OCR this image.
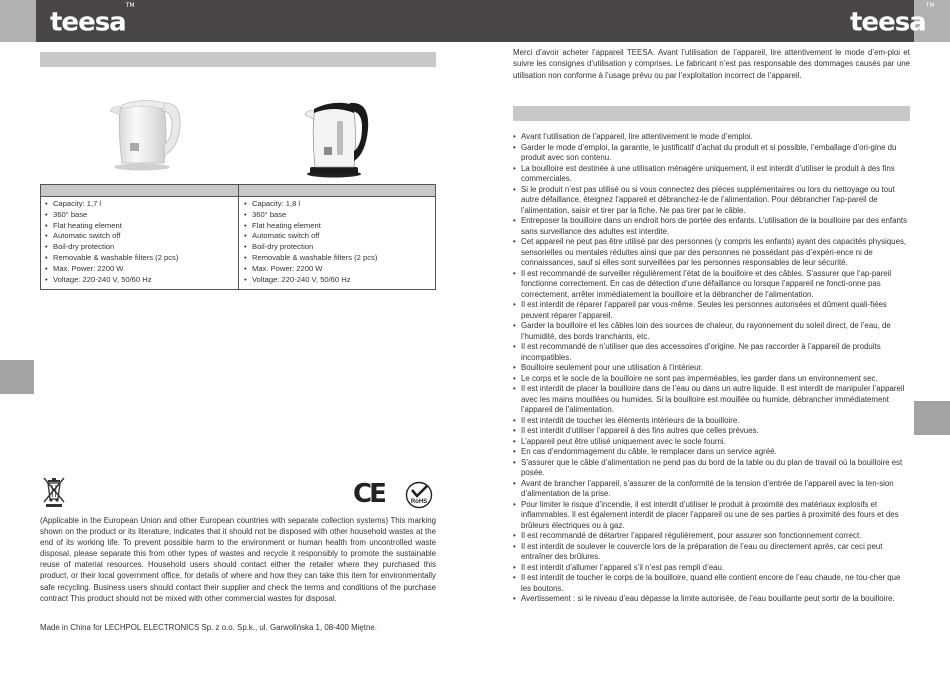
teesa™
teesa™
• Capacity: 1,7 l
• 360° base
• Flat heating element
• Automatic switch off
• Boil-dry protection
• Removable & washable filters (2 pcs)
• Max. Power: 2200 W
• Voltage: 220-240 V, 50/60 Hz
• Capacity: 1,8 l
• 360° base
• Flat heating element
• Automatic switch off
• Boil-dry protection
• Removable & washable filters (2 pcs)
• Max. Power: 2200 W
• Voltage: 220-240 V, 50/60 Hz
CE	RoHS

(Applicable in the European Union and other European countries with separate collection systems) This marking shown on the product or its literature, indicates that it should not be disposed with other household wastes at the end of its working life. To prevent possible harm to the environment or human health from uncontrolled waste disposal, please separate this from other types of wastes and recycle it responsibly to promote the sustainable reuse of material resources. Household users should contact either the retailer where they purchased this product, or their local government office, for details of where and how they can take this item for environmentally safe recycling. Business users should contact their supplier and check the terms and conditions of the purchase contract This product should not be mixed with other commercial wastes for disposal.

Made in China for LECHPOL ELECTRONICS Sp. z o.o. Sp.k., ul. Garwolińska 1, 08-400 Miętne.

Merci d’avoir acheter l’appareil TEESA. Avant l’utilisation de l’appareil, lire attentivement le mode d’em-ploi et suivre les consignes d’utilisation y comprises. Le fabricant n’est pas responsable des dommages causés par une utilisation non conforme à l’usage prévu ou par l’exploitation incorrect de l’appareil.

• Avant l’utilisation de l’appareil, lire attentivement le mode d’emploi.
• Garder le mode d’emploi, la garantie, le justificatif d’achat du produit et si possible, l’emballage d’ori-gine du produit avec son contenu.
• La bouilloire est destinée à une utilisation ménagère uniquement, il est interdit d’utiliser le produit à des fins commerciales.
• Si le produit n’est pas utilisé ou si vous connectez des pièces supplémentaires ou lors du nettoyage ou tout autre défaillance, éteignez l’appareil et débranchez-le de l’alimentation. Pour débrancher l’ap-pareil de l’alimentation, saisir et tirer par la fiche. Ne pas tirer par le câble.
• Entreposer la bouilloire dans un endroit hors de portée des enfants. L’utilisation de la bouilloire par des enfants sans surveillance des adultes est interdite.
• Cet appareil ne peut pas être utilisé par des personnes (y compris les enfants) ayant des capacités physiques, sensorielles ou mentales réduites ainsi que par des personnes ne possédant pas d’expéri-ence ni de connaissances, sauf si elles sont surveillées par les personnes responsables de leur sécurité.
• Il est recommandé de surveiller régulièrement l’état de la bouilloire et des câbles. S’assurer que l’ap-pareil fonctionne correctement. En cas de détection d’une défaillance ou lorsque l’appareil ne foncti-onne pas correctement, arrêter immédiatement la bouilloire et la débrancher de l’alimentation.
• Il est interdit de réparer l’appareil par vous-même. Seules les personnes autorisées et dûment quali-fiées peuvent réparer l’appareil.
• Garder la bouilloire et les câbles loin des sources de chaleur, du rayonnement du soleil direct, de l’eau, de l’humidité, des bords tranchants, etc.
• Il est recommandé de n’utiliser que des accessoires d’origine. Ne pas raccorder à l’appareil de produits incompatibles.
• Bouilloire seulement pour une utilisation à l’intérieur.
• Le corps et le socle de la bouilloire ne sont pas imperméables, les garder dans un environnement sec.
• Il est interdit de placer la bouilloire dans de l’eau ou dans un autre liquide. Il est interdit de manipuler l’appareil avec les mains mouillées ou humides. Si la bouilloire est mouillée ou humide, débrancher immédiatement l’appareil de l’alimentation.
• Il est interdit de toucher les éléments intérieurs de la bouilloire.
• Il est interdit d’utiliser l’appareil à des fins autres que celles prévues.
• L’appareil peut être utilisé uniquement avec le socle fourni.
• En cas d’endommagement du câble, le remplacer dans un service agréé.
• S’assurer que le câble d’alimentation ne pend pas du bord de la table ou du plan de travail où la bouilloire est posée.
• Avant de brancher l’appareil, s’assurer de la conformité de la tension d’entrée de l’appareil avec la ten-sion d’alimentation de la prise.
• Pour limiter le risque d’incendie, il est interdit d’utiliser le produit à proximité des matériaux explosifs et inflammables. Il est également interdit de placer l’appareil ou une de ses parties à proximité des fours et des brûleurs électriques ou à gaz.
• Il est recommandé de détartrer l’appareil régulièrement, pour assurer son fonctionnement correct.
• Il est interdit de soulever le couvercle lors de la préparation de l’eau ou directement après, car ceci peut entraîner des brûlures.
• Il est interdit d’allumer l’appareil s’il n’est pas rempli d’eau.
• Il est interdit de toucher le corps de la bouilloire, quand elle contient encore de l’eau chaude, ne tou-cher que les boutons.
• Avertissement : si le niveau d’eau dépasse la limite autorisée, de l’eau bouillante peut sortir de la bouilloire.
